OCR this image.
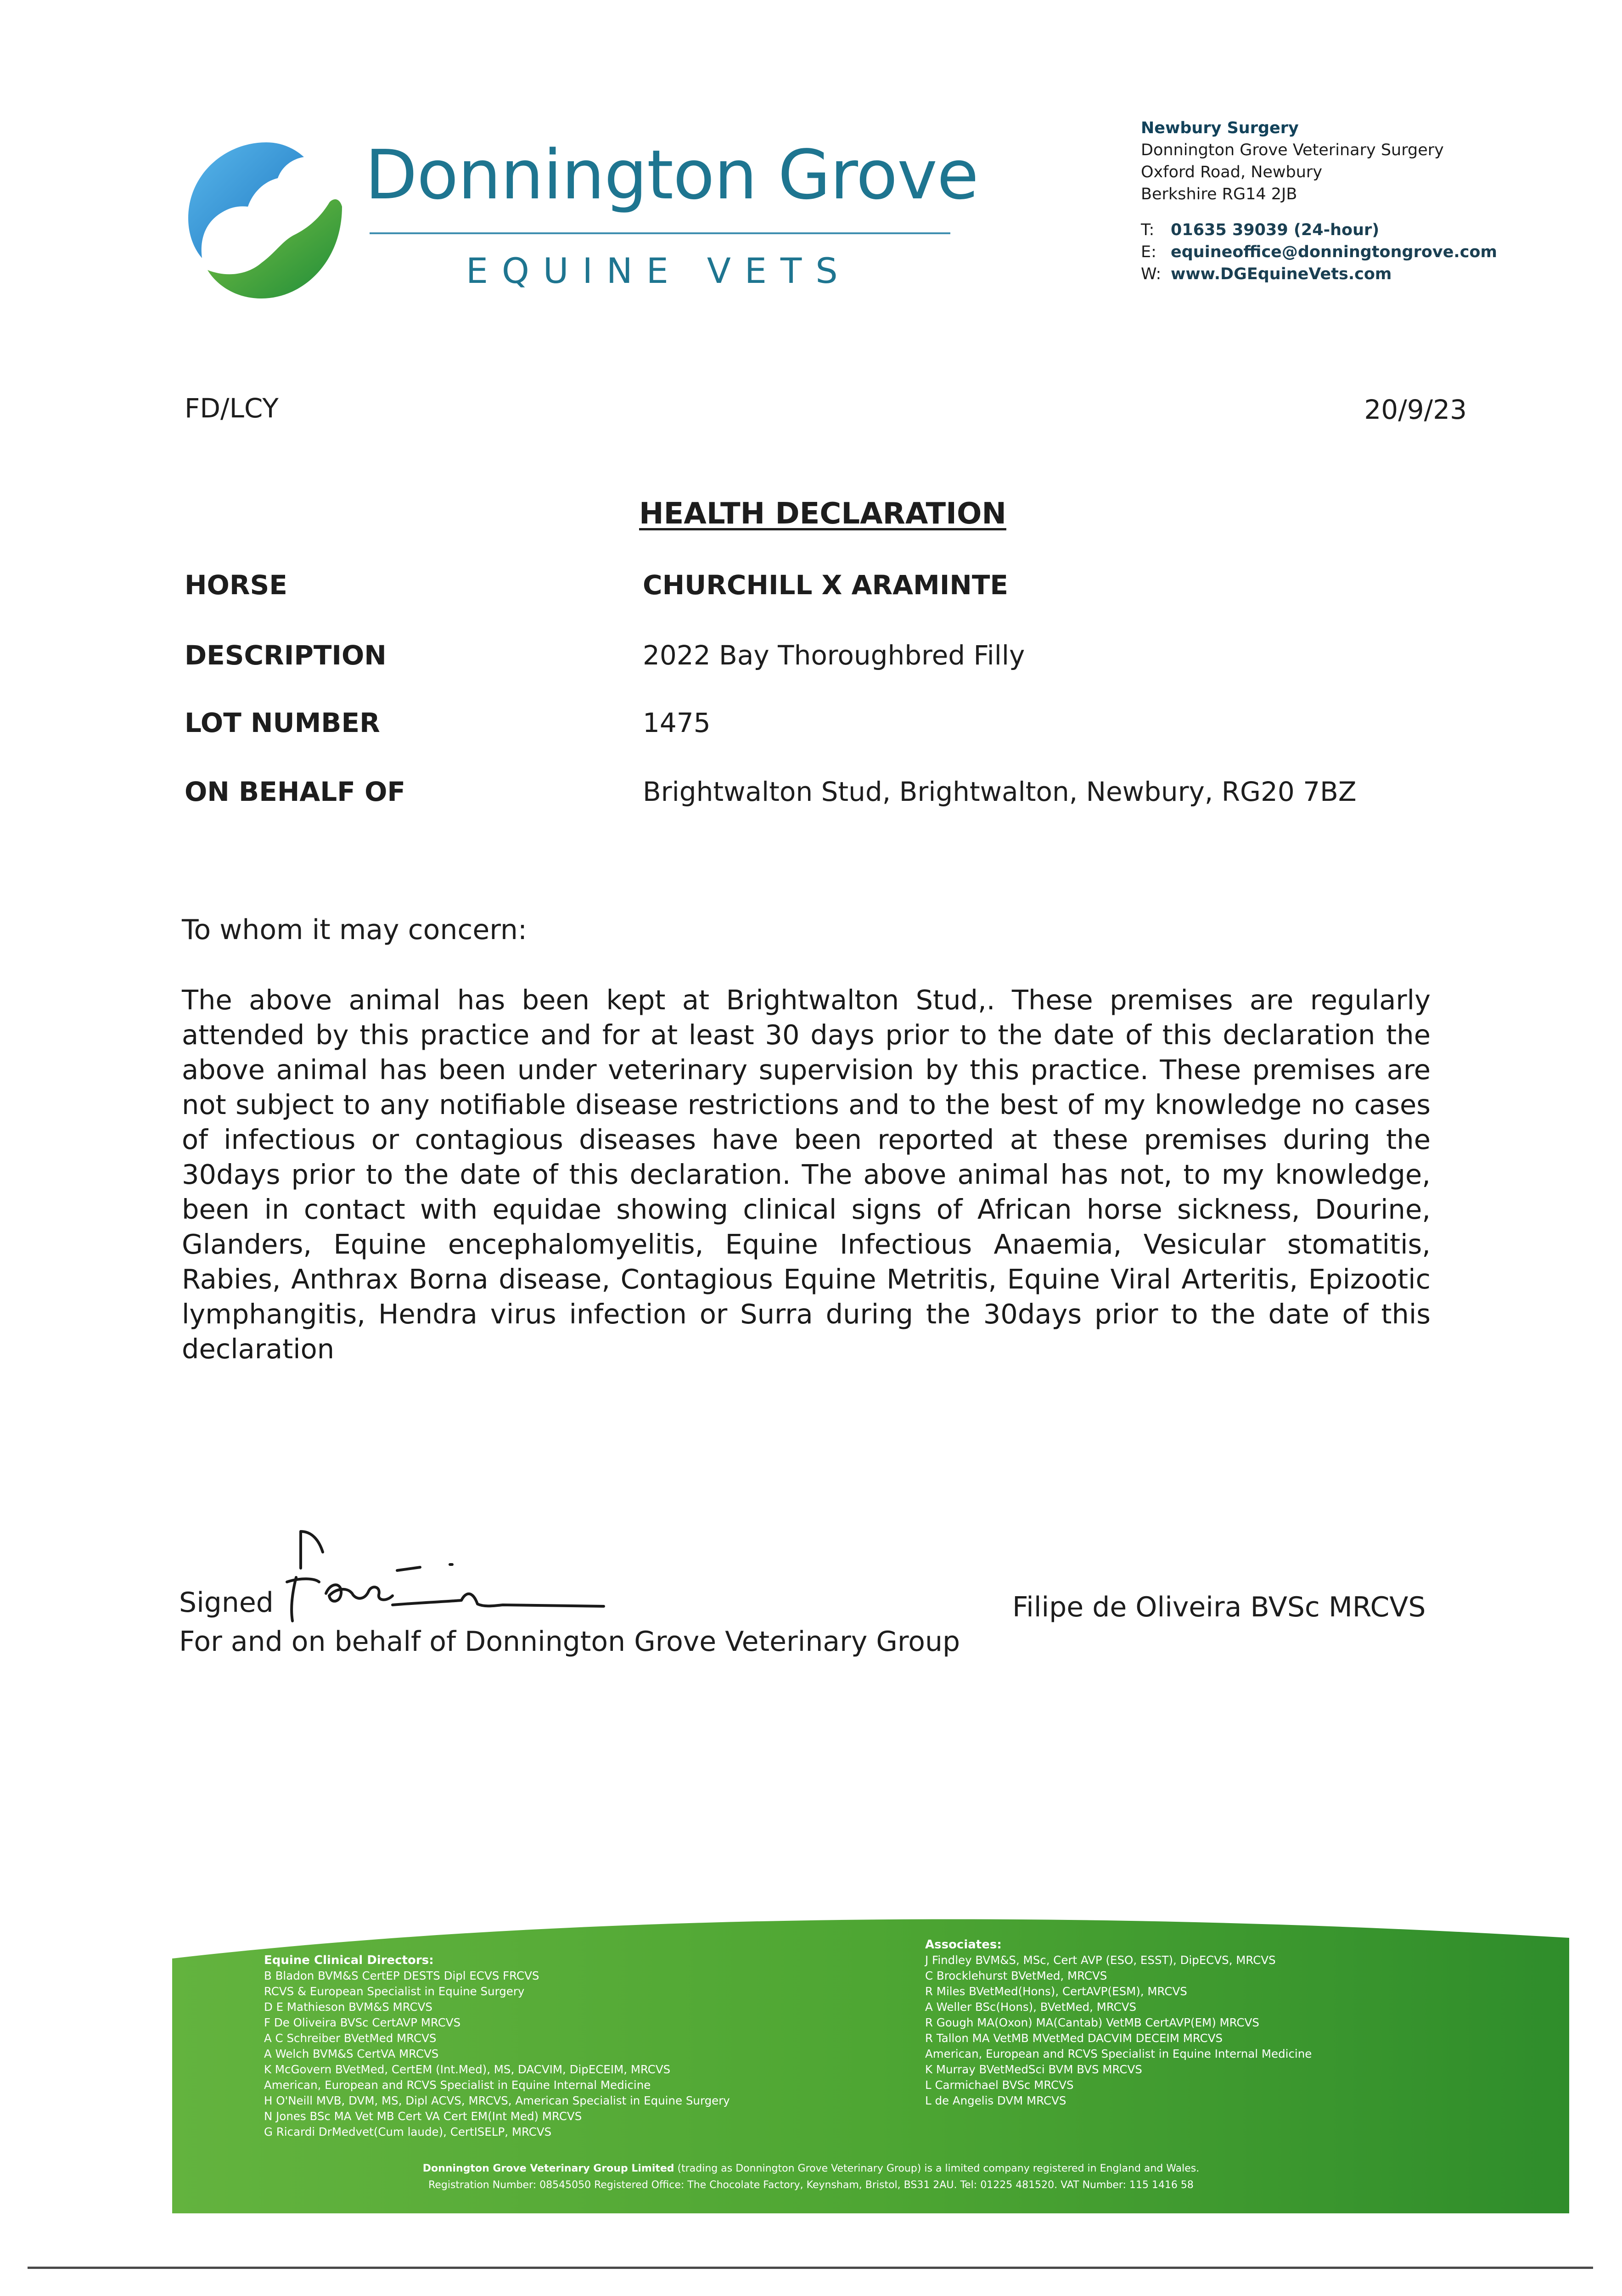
Donnington Grove
EQUINE VETS
Newbury Surgery
Donnington Grove Veterinary Surgery
Oxford Road, Newbury
Berkshire RG14 2JB
T:	01635 39039 (24-hour)
E: equineoffice@donningtongrove.com
W: www.DGEquineVets.com
FD/LCY	20/9/23
HEALTH DECLARATION
HORSE	CHURCHILL X ARAMINTE
DESCRIPTION	2022 Bay Thoroughbred Filly
LOT NUMBER	1475
ON BEHALF OF	Brightwalton Stud, Brightwalton, Newbury, RG20 7BZ
To whom it may concern:
The above animal has been kept at Brightwalton Stud,. These premises are regularly attended by this practice and for at least 30 days prior to the date of this declaration the above animal has been under veterinary supervision by this practice. These premises are not subject to any notifiable disease restrictions and to the best of my knowledge no cases of infectious or contagious diseases have been reported at these premises during the 30days prior to the date of this declaration. The above animal has not, to my knowledge, been in contact with equidae showing clinical signs of African horse sickness, Dourine, Glanders, Equine encephalomyelitis, Equine Infectious Anaemia, Vesicular stomatitis, Rabies, Anthrax Borna disease, Contagious Equine Metritis, Equine Viral Arteritis, Epizootic lymphangitis, Hendra virus infection or Surra during the 30days prior to the date of this declaration
Signed
For and on behalf of Donnington Grove Veterinary Group
Filipe de Oliveira BVSc MRCVS
Equine Clinical Directors:
B Bladon BVM&S CertEP DESTS Dipl ECVS FRCVS
RCVS & European Specialist in Equine Surgery
D E Mathieson BVM&S MRCVS
F De Oliveira BVSc CertAVP MRCVS
A C Schreiber BVetMed MRCVS
A Welch BVM&S CertVA MRCVS
K McGovern BVetMed, CertEM (Int.Med), MS, DACVIM, DipECEIM, MRCVS
American, European and RCVS Specialist in Equine Internal Medicine
H O'Neill MVB, DVM, MS, Dipl ACVS, MRCVS, American Specialist in Equine Surgery
N Jones BSc MA Vet MB Cert VA Cert EM(Int Med) MRCVS
G Ricardi DrMedvet(Cum laude), CertISELP, MRCVS
Associates:
J Findley BVM&S, MSc, Cert AVP (ESO, ESST), DipECVS, MRCVS
C Brocklehurst BVetMed, MRCVS
R Miles BVetMed(Hons), CertAVP(ESM), MRCVS
A Weller BSc(Hons), BVetMed, MRCVS
R Gough MA(Oxon) MA(Cantab) VetMB CertAVP(EM) MRCVS
R Tallon MA VetMB MVetMed DACVIM DECEIM MRCVS
American, European and RCVS Specialist in Equine Internal Medicine
K Murray BVetMedSci BVM BVS MRCVS
L Carmichael BVSc MRCVS
L de Angelis DVM MRCVS
Donnington Grove Veterinary Group Limited (trading as Donnington Grove Veterinary Group) is a limited company registered in England and Wales.
Registration Number: 08545050 Registered Office: The Chocolate Factory, Keynsham, Bristol, BS31 2AU. Tel: 01225 481520. VAT Number: 115 1416 58
